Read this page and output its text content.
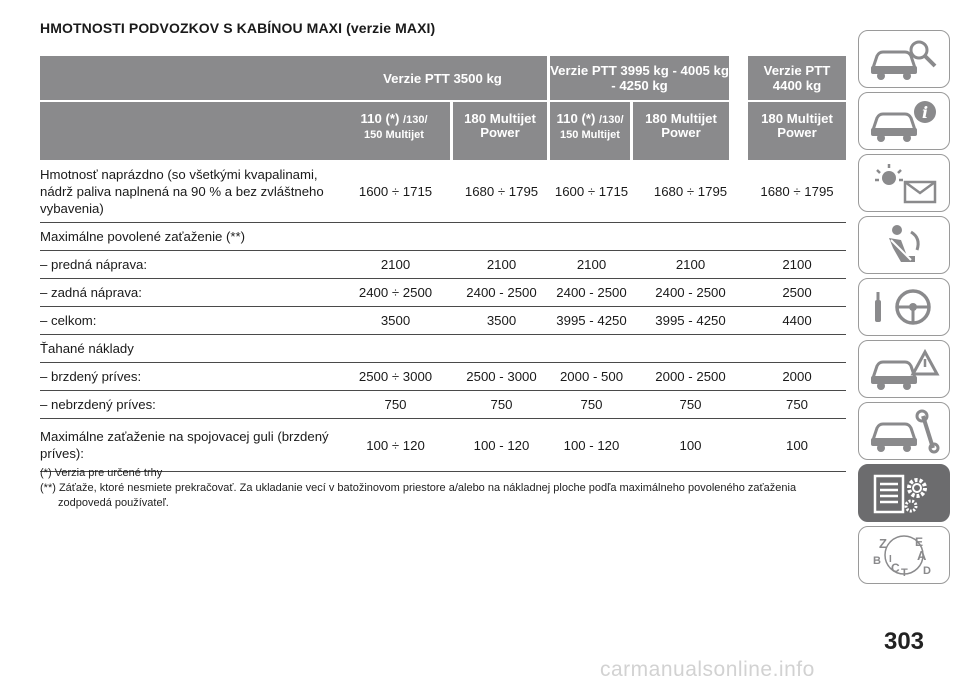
HMOTNOSTI PODVOZKOV S KABÍNOU MAXI (verzie MAXI)
	Verzie PTT 3500 kg				Verzie PTT 3995 kg - 4005 kg - 4250 kg				Verzie PTT 4400 kg
	110 (*) /130/
150 Multijet		180 Multijet Power		110 (*) /130/
150 Multijet		180 Multijet Power		180 Multijet Power
Hmotnosť naprázdno (so všetkými kvapalinami, nádrž paliva naplnená na 90 % a bez zvláštneho vybavenia)	1600 ÷ 1715		1680 ÷ 1795		1600 ÷ 1715		1680 ÷ 1795		1680 ÷ 1795
Maximálne povolené zaťaženie (**)									
– predná náprava:	2100		2100		2100		2100		2100
– zadná náprava:	2400 ÷ 2500		2400 - 2500		2400 - 2500		2400 - 2500		2500
– celkom:	3500		3500		3995 - 4250		3995 - 4250		4400
Ťahané náklady									
– brzdený príves:	2500 ÷ 3000		2500 - 3000		2000 - 500		2000 - 2500		2000
– nebrzdený príves:	750		750		750		750		750
Maximálne zaťaženie na spojovacej guli (brzdený príves):	100 ÷ 120		100 - 120		100 - 120		100		100

(*) Verzia pre určené trhy

(**) Záťaže, ktoré nesmiete prekračovať. Za ukladanie vecí v batožinovom priestore a/alebo na nákladnej ploche podľa maximálneho povoleného zaťaženia zodpovedá používateľ.

i
Z E
A
B C T D
I
303
carmanualsonline.info
